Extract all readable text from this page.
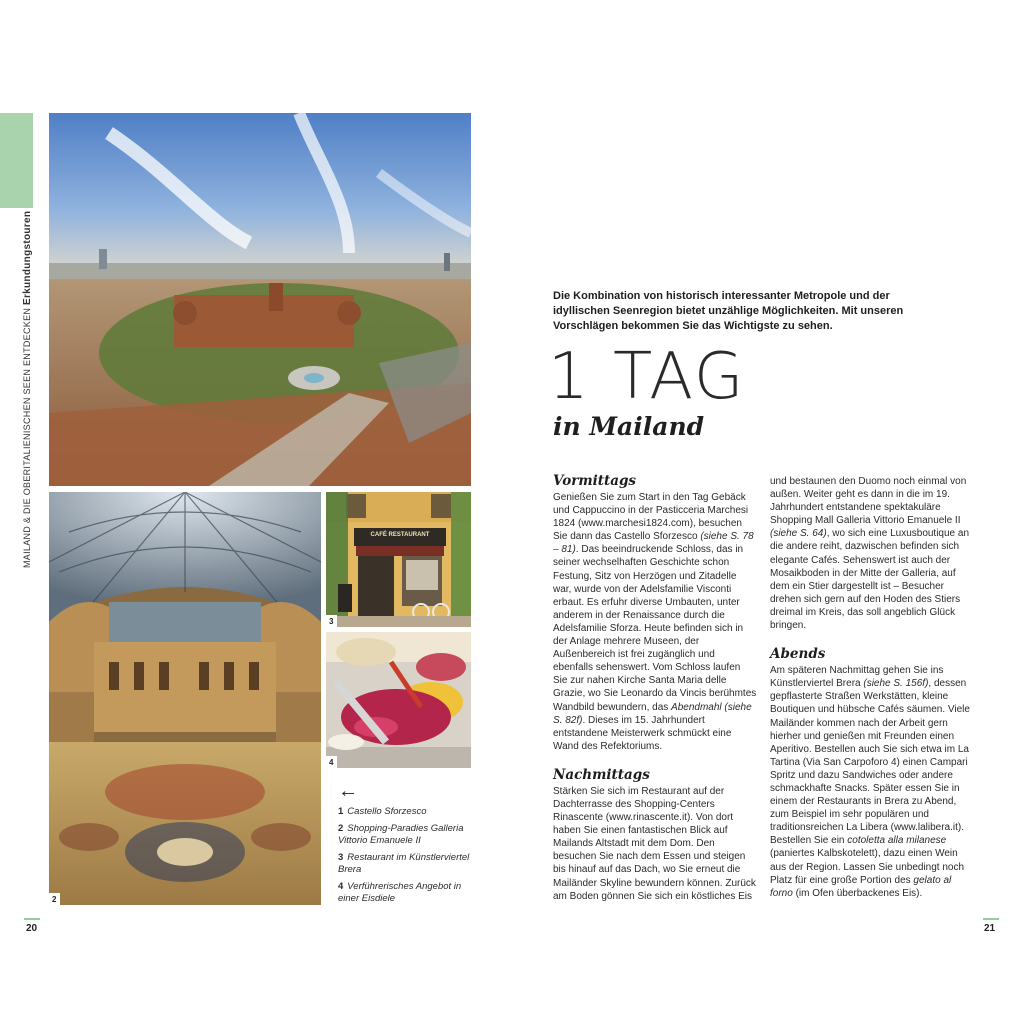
MAILAND & DIE OBERITALIENISCHEN SEEN ENTDECKEN Erkundungstouren
2
CAFÉ RESTAURANT
3
4
←
1 Castello Sforzesco
2 Shopping-Paradies Galleria Vittorio Emanuele II
3 Restaurant im Künstlerviertel Brera
4 Verführerisches Angebot in einer Eisdiele
20	21
Die Kombination von historisch interessanter Metropole und der idyllischen Seenregion bietet unzählige Möglichkeiten. Mit unseren Vorschlägen bekommen Sie das Wichtigste zu sehen.
1 TAG
in Mailand
Vormittags

Genießen Sie zum Start in den Tag Gebäck und Cappuccino in der Pasticceria Marchesi 1824 (www.marchesi1824.com), besuchen Sie dann das Castello Sforzesco (siehe S. 78 – 81). Das beeindruckende Schloss, das in seiner wechselhaften Geschichte schon Festung, Sitz von Herzögen und Zitadelle war, wurde von der Adelsfamilie Visconti erbaut. Es erfuhr diverse Umbauten, unter anderem in der Renaissance durch die Adelsfamilie Sforza. Heute befinden sich in der Anlage mehrere Museen, der Außenbereich ist frei zugänglich und ebenfalls sehenswert. Vom Schloss laufen Sie zur nahen Kirche Santa Maria delle Grazie, wo Sie Leonardo da Vincis berühmtes Wandbild bewundern, das Abendmahl (siehe S. 82f). Dieses im 15. Jahrhundert entstandene Meisterwerk schmückt eine Wand des Refektoriums.

Nachmittags

Stärken Sie sich im Restaurant auf der Dachterrasse des Shopping-Centers Rinascente (www.rinascente.it). Von dort haben Sie einen fantastischen Blick auf Mailands Altstadt mit dem Dom. Den besuchen Sie nach dem Essen und steigen bis hinauf auf das Dach, wo Sie erneut die Mailänder Skyline bewundern können. Zurück am Boden gönnen Sie sich ein köstliches Eis

und bestaunen den Duomo noch einmal von außen. Weiter geht es dann in die im 19. Jahrhundert entstandene spektakuläre Shopping Mall Galleria Vittorio Emanuele II (siehe S. 64), wo sich eine Luxusboutique an die andere reiht, dazwischen befinden sich elegante Cafés. Sehenswert ist auch der Mosaikboden in der Mitte der Galleria, auf dem ein Stier dargestellt ist – Besucher drehen sich gern auf den Hoden des Stiers dreimal im Kreis, das soll angeblich Glück bringen.

Abends

Am späteren Nachmittag gehen Sie ins Künstlerviertel Brera (siehe S. 156f), dessen gepflasterte Straßen Werkstätten, kleine Boutiquen und hübsche Cafés säumen. Viele Mailänder kommen nach der Arbeit gern hierher und genießen mit Freunden einen Aperitivo. Bestellen auch Sie sich etwa im La Tartina (Via San Carpoforo 4) einen Campari Spritz und dazu Sandwiches oder andere schmackhafte Snacks. Später essen Sie in einem der Restaurants in Brera zu Abend, zum Beispiel im sehr populären und traditionsreichen La Libera (www.lalibera.it). Bestellen Sie ein cotoletta alla milanese (paniertes Kalbskotelett), dazu einen Wein aus der Region. Lassen Sie unbedingt noch Platz für eine große Portion des gelato al forno (im Ofen überbackenes Eis).
